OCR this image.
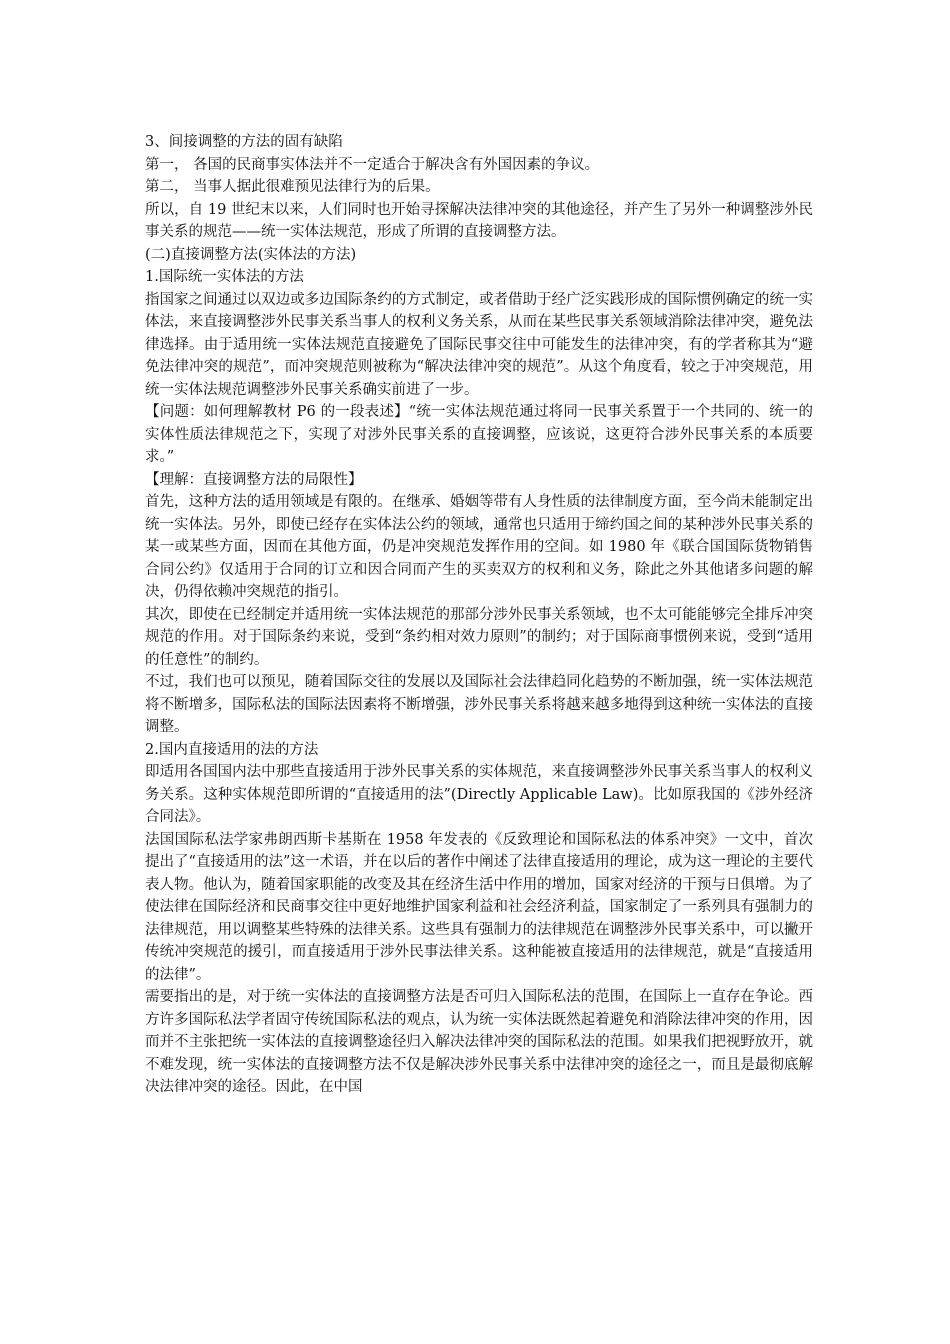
3、间接调整的方法的固有缺陷

第一， 各国的民商事实体法并不一定适合于解决含有外国因素的争议。

第二， 当事人据此很难预见法律行为的后果。

所以，自 19 世纪末以来，人们同时也开始寻探解决法律冲突的其他途径，并产生了另外一种调整涉外民事关系的规范——统一实体法规范，形成了所谓的直接调整方法。

(二)直接调整方法(实体法的方法)

1.国际统一实体法的方法

指国家之间通过以双边或多边国际条约的方式制定，或者借助于经广泛实践形成的国际惯例确定的统一实体法，来直接调整涉外民事关系当事人的权利义务关系，从而在某些民事关系领域消除法律冲突，避免法律选择。由于适用统一实体法规范直接避免了国际民事交往中可能发生的法律冲突，有的学者称其为“避免法律冲突的规范”，而冲突规范则被称为“解决法律冲突的规范”。从这个角度看，较之于冲突规范，用统一实体法规范调整涉外民事关系确实前进了一步。

【问题：如何理解教材 P6 的一段表述】“统一实体法规范通过将同一民事关系置于一个共同的、统一的实体性质法律规范之下，实现了对涉外民事关系的直接调整，应该说，这更符合涉外民事关系的本质要求。”

【理解：直接调整方法的局限性】

首先，这种方法的适用领域是有限的。在继承、婚姻等带有人身性质的法律制度方面，至今尚未能制定出统一实体法。另外，即使已经存在实体法公约的领域，通常也只适用于缔约国之间的某种涉外民事关系的某一或某些方面，因而在其他方面，仍是冲突规范发挥作用的空间。如 1980 年《联合国国际货物销售合同公约》仅适用于合同的订立和因合同而产生的买卖双方的权利和义务，除此之外其他诸多问题的解决，仍得依赖冲突规范的指引。

其次，即使在已经制定并适用统一实体法规范的那部分涉外民事关系领域，也不太可能能够完全排斥冲突规范的作用。对于国际条约来说，受到“条约相对效力原则”的制约；对于国际商事惯例来说，受到“适用的任意性”的制约。

不过，我们也可以预见，随着国际交往的发展以及国际社会法律趋同化趋势的不断加强，统一实体法规范将不断增多，国际私法的国际法因素将不断增强，涉外民事关系将越来越多地得到这种统一实体法的直接调整。

2.国内直接适用的法的方法

即适用各国国内法中那些直接适用于涉外民事关系的实体规范，来直接调整涉外民事关系当事人的权利义务关系。这种实体规范即所谓的“直接适用的法”(Directly Applicable Law)。比如原我国的《涉外经济合同法》。

法国国际私法学家弗朗西斯卡基斯在 1958 年发表的《反致理论和国际私法的体系冲突》一文中，首次提出了“直接适用的法”这一术语，并在以后的著作中阐述了法律直接适用的理论，成为这一理论的主要代表人物。他认为，随着国家职能的改变及其在经济生活中作用的增加，国家对经济的干预与日俱增。为了使法律在国际经济和民商事交往中更好地维护国家利益和社会经济利益，国家制定了一系列具有强制力的法律规范，用以调整某些特殊的法律关系。这些具有强制力的法律规范在调整涉外民事关系中，可以撇开传统冲突规范的援引，而直接适用于涉外民事法律关系。这种能被直接适用的法律规范，就是“直接适用的法律”。

需要指出的是，对于统一实体法的直接调整方法是否可归入国际私法的范围，在国际上一直存在争论。西方许多国际私法学者固守传统国际私法的观点，认为统一实体法既然起着避免和消除法律冲突的作用，因而并不主张把统一实体法的直接调整途径归入解决法律冲突的国际私法的范围。如果我们把视野放开，就不难发现，统一实体法的直接调整方法不仅是解决涉外民事关系中法律冲突的途径之一，而且是最彻底解决法律冲突的途径。因此，在中国
